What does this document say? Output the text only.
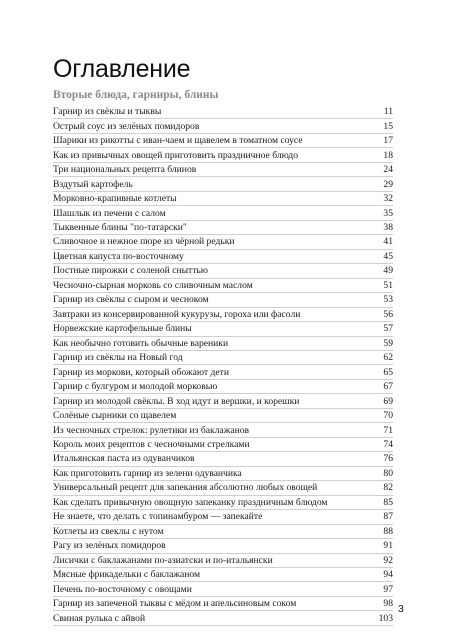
Оглавление
Вторые блюда, гарниры, блины
Гарнир из свёклы и тыквы	11
Острый соус из зелёных помидоров	15
Шарики из рикотты с иван-чаем и щавелем в томатном соусе	17
Как из привычных овощей приготовить праздничное блюдо	18
Три национальных рецепта блинов	24
Вздутый картофель	29
Морковно-крапивные котлеты	32
Шашлык из печени с салом	35
Тыквенные блины "по-татарски"	38
Сливочное и нежное пюре из чёрной редьки	41
Цветная капуста по-восточному	45
Постные пирожки с соленой сныттью	49
Чесночно-сырная морковь со сливочным маслом	51
Гарнир из свёклы с сыром и чесноком	53
Завтраки из консервированной кукурузы, гороха или фасоли	56
Норвежские картофельные блины	57
Как необычно готовить обычные вареники	59
Гарнир из свёклы на Новый год	62
Гарнир из моркови, который обожают дети	65
Гарнир с булгуром и молодой морковью	67
Гарнир из молодой свёклы. В ход идут и вершки, и корешки	69
Солёные сырники со щавелем	70
Из чесночных стрелок: рулетики из баклажанов	71
Король моих рецептов с чесночными стрелками	74
Итальянская паста из одуванчиков	76
Как приготовить гарнир из зелени одуванчика	80
Универсальный рецепт для запекания абсолютно любых овощей	82
Как сделать привычную овощную запеканку праздничным блюдом	85
Не знаете, что делать с топинамбуром — запекайте	87
Котлеты из свеклы с нутом	88
Рагу из зелёных помидоров	91
Лисички с баклажанами по-азиатски и по-итальянски	92
Мясные фрикадельки с баклажаном	94
Печень по-восточному с овощами	97
Гарнир из запеченой тыквы с мёдом и апельсиновым соком	98
Свиная рулька с айвой	103
3
